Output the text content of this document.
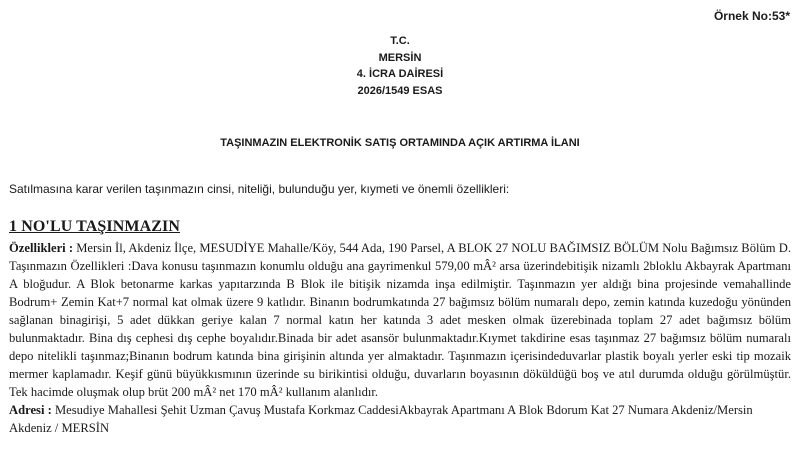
Örnek No:53*
T.C.
MERSİN
4. İCRA DAİRESİ
2026/1549 ESAS
TAŞINMAZIN ELEKTRONİK SATIŞ ORTAMINDA AÇIK ARTIRMA İLANI
Satılmasına karar verilen taşınmazın cinsi, niteliği, bulunduğu yer, kıymeti ve önemli özellikleri:
1 NO'LU TAŞINMAZIN

Özellikleri : Mersin İl, Akdeniz İlçe, MESUDİYE Mahalle/Köy, 544 Ada, 190 Parsel, A BLOK 27 NOLU BAĞIMSIZ BÖLÜM Nolu Bağımsız Bölüm D. Taşınmazın Özellikleri :Dava konusu taşınmazın konumlu olduğu ana gayrimenkul 579,00 mÂ² arsa üzerindebitişik nizamlı 2bloklu Akbayrak Apartmanı A bloğudur. A Blok betonarme karkas yapıtarzında B Blok ile bitişik nizamda inşa edilmiştir. Taşınmazın yer aldığı bina projesinde vemahallinde Bodrum+ Zemin Kat+7 normal kat olmak üzere 9 katlıdır. Binanın bodrumkatında 27 bağımsız bölüm numaralı depo, zemin katında kuzedoğu yönünden sağlanan binagirişi, 5 adet dükkan geriye kalan 7 normal katın her katında 3 adet mesken olmak üzerebinada toplam 27 adet bağımsız bölüm bulunmaktadır. Bina dış cephesi dış cephe boyalıdır.Binada bir adet asansör bulunmaktadır.Kıymet takdirine esas taşınmaz 27 bağımsız bölüm numaralı depo nitelikli taşınmaz;Binanın bodrum katında bina girişinin altında yer almaktadır. Taşınmazın içerisindeduvarlar plastik boyalı yerler eski tip mozaik mermer kaplamadır. Keşif günü büyükkısmının üzerinde su birikintisi olduğu, duvarların boyasının döküldüğü boş ve atıl durumda olduğu görülmüştür. Tek hacimde oluşmak olup brüt 200 mÂ² net 170 mÂ² kullanım alanlıdır.

Adresi : Mesudiye Mahallesi Şehit Uzman Çavuş Mustafa Korkmaz CaddesiAkbayrak Apartmanı A Blok Bdorum Kat 27 Numara Akdeniz/Mersin Akdeniz / MERSİN
